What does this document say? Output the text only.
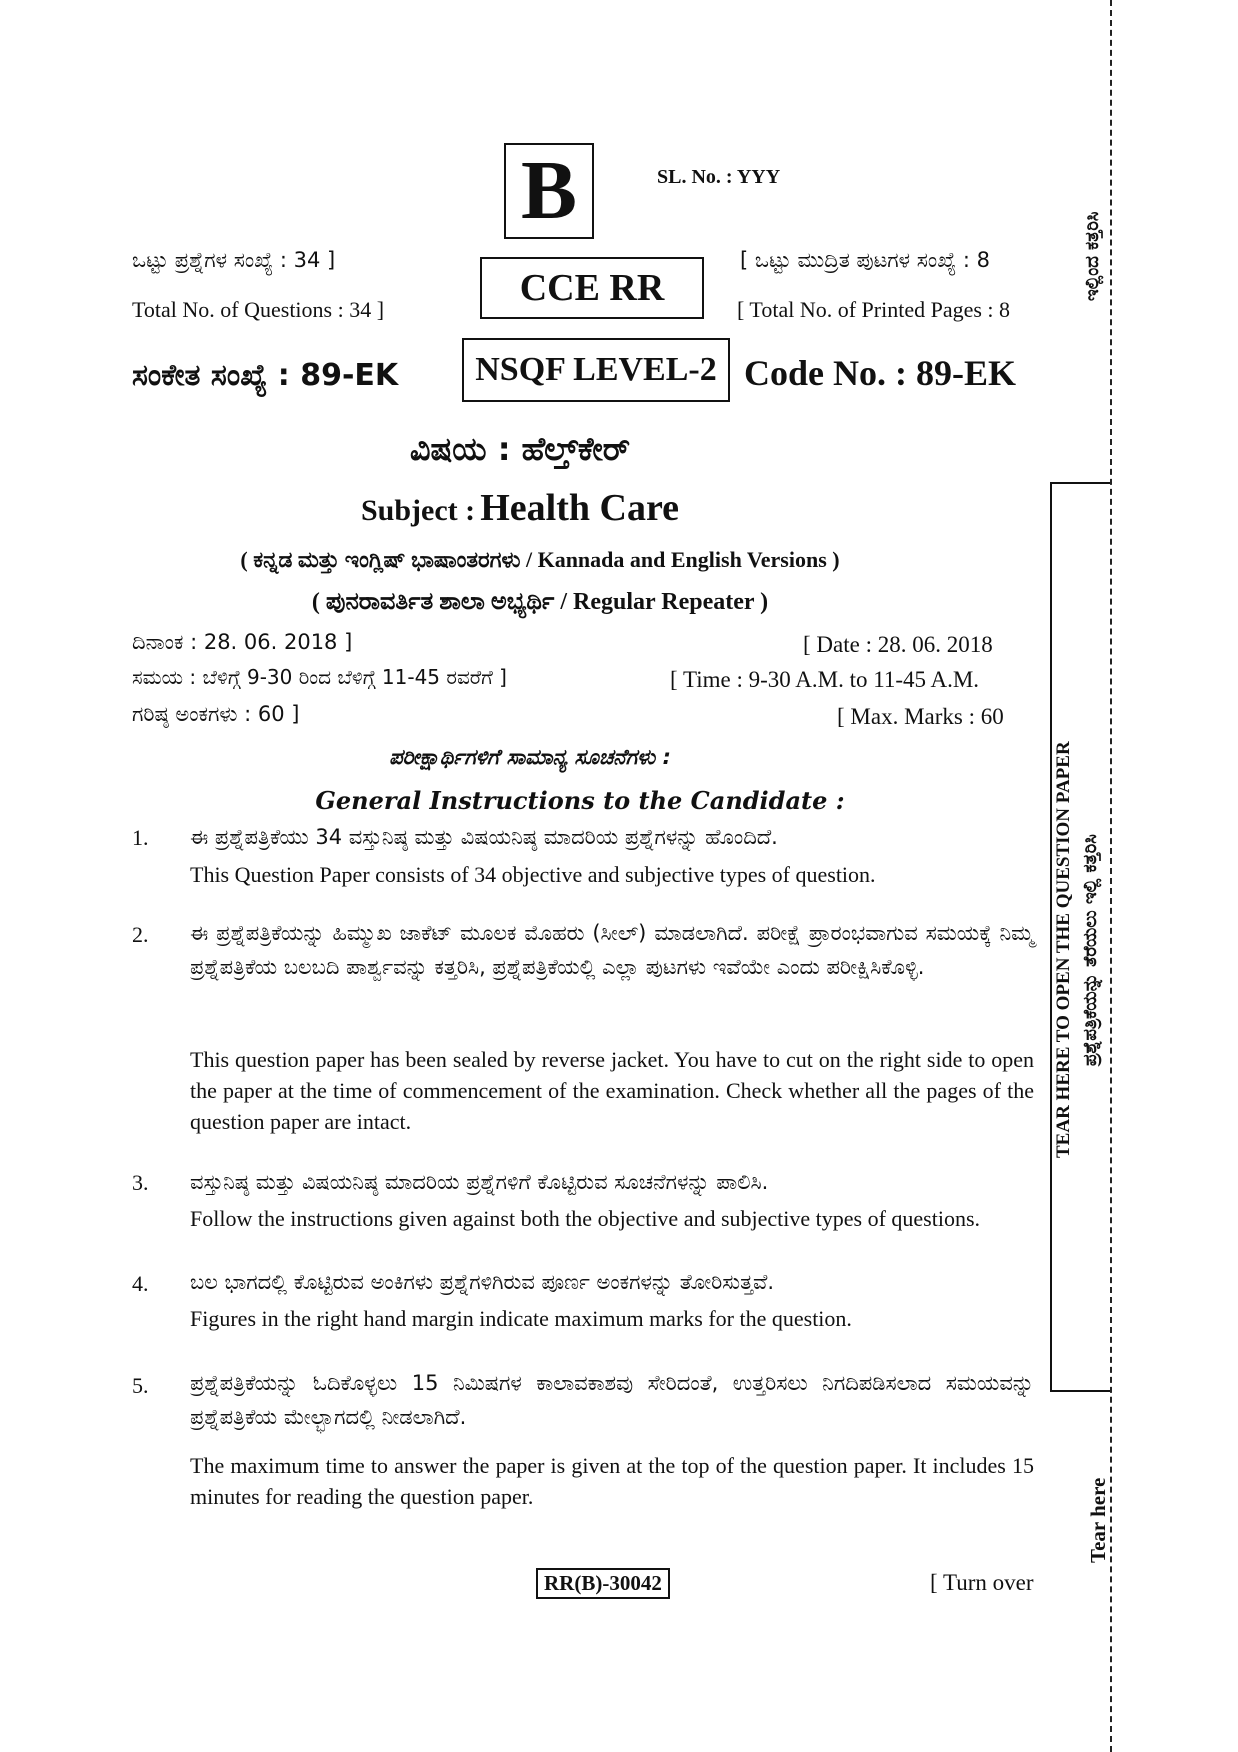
B	SL. No. : YYY
ಒಟ್ಟು ಪ್ರಶ್ನೆಗಳ ಸಂಖ್ಯೆ : 34 ]
Total No. of Questions : 34 ]
CCE RR
[ ಒಟ್ಟು ಮುದ್ರಿತ ಪುಟಗಳ ಸಂಖ್ಯೆ : 8
[ Total No. of Printed Pages : 8
ಸಂಕೇತ ಸಂಖ್ಯೆ : 89-EK	NSQF LEVEL-2 Code No. : 89-EK
ವಿಷಯ : ಹೆಲ್ತ್‌ಕೇರ್
Subject : Health Care
( ಕನ್ನಡ ಮತ್ತು ಇಂಗ್ಲಿಷ್ ಭಾಷಾಂತರಗಳು / Kannada and English Versions )
( ಪುನರಾವರ್ತಿತ ಶಾಲಾ ಅಭ್ಯರ್ಥಿ / Regular Repeater )
ದಿನಾಂಕ : 28. 06. 2018 ]	[ Date : 28. 06. 2018
ಸಮಯ : ಬೆಳಿಗ್ಗೆ 9-30 ರಿಂದ ಬೆಳಿಗ್ಗೆ 11-45 ರವರೆಗೆ ]	[ Time : 9-30 A.M. to 11-45 A.M.
ಗರಿಷ್ಠ ಅಂಕಗಳು : 60 ]	[ Max. Marks : 60
ಪರೀಕ್ಷಾರ್ಥಿಗಳಿಗೆ ಸಾಮಾನ್ಯ ಸೂಚನೆಗಳು :
General Instructions to the Candidate :
1. ಈ ಪ್ರಶ್ನೆಪತ್ರಿಕೆಯು 34 ವಸ್ತುನಿಷ್ಠ ಮತ್ತು ವಿಷಯನಿಷ್ಠ ಮಾದರಿಯ ಪ್ರಶ್ನೆಗಳನ್ನು ಹೊಂದಿದೆ.
This Question Paper consists of 34 objective and subjective types of question.
2. ಈ ಪ್ರಶ್ನೆಪತ್ರಿಕೆಯನ್ನು ಹಿಮ್ಮುಖ ಜಾಕೆಟ್ ಮೂಲಕ ಮೊಹರು (ಸೀಲ್) ಮಾಡಲಾಗಿದೆ. ಪರೀಕ್ಷೆ ಪ್ರಾರಂಭವಾಗುವ ಸಮಯಕ್ಕೆ ನಿಮ್ಮ ಪ್ರಶ್ನೆಪತ್ರಿಕೆಯ ಬಲಬದಿ ಪಾರ್ಶ್ವವನ್ನು ಕತ್ತರಿಸಿ, ಪ್ರಶ್ನೆಪತ್ರಿಕೆಯಲ್ಲಿ ಎಲ್ಲಾ ಪುಟಗಳು ಇವೆಯೇ ಎಂದು ಪರೀಕ್ಷಿಸಿಕೊಳ್ಳಿ.
This question paper has been sealed by reverse jacket. You have to cut on the right side to open the paper at the time of commencement of the examination. Check whether all the pages of the question paper are intact.
3. ವಸ್ತುನಿಷ್ಠ ಮತ್ತು ವಿಷಯನಿಷ್ಠ ಮಾದರಿಯ ಪ್ರಶ್ನೆಗಳಿಗೆ ಕೊಟ್ಟಿರುವ ಸೂಚನೆಗಳನ್ನು ಪಾಲಿಸಿ.
Follow the instructions given against both the objective and subjective types of questions.
4. ಬಲ ಭಾಗದಲ್ಲಿ ಕೊಟ್ಟಿರುವ ಅಂಕಿಗಳು ಪ್ರಶ್ನೆಗಳಿಗಿರುವ ಪೂರ್ಣ ಅಂಕಗಳನ್ನು ತೋರಿಸುತ್ತವೆ.
Figures in the right hand margin indicate maximum marks for the question.
5. ಪ್ರಶ್ನೆಪತ್ರಿಕೆಯನ್ನು ಓದಿಕೊಳ್ಳಲು 15 ನಿಮಿಷಗಳ ಕಾಲಾವಕಾಶವು ಸೇರಿದಂತೆ, ಉತ್ತರಿಸಲು ನಿಗದಿಪಡಿಸಲಾದ ಸಮಯವನ್ನು ಪ್ರಶ್ನೆಪತ್ರಿಕೆಯ ಮೇಲ್ಭಾಗದಲ್ಲಿ ನೀಡಲಾಗಿದೆ.
The maximum time to answer the paper is given at the top of the question paper. It includes 15 minutes for reading the question paper.
RR(B)-30042	[ Turn over
ಇಲ್ಲಿಂದ ಕತ್ತರಿಸಿ
TEAR HERE TO OPEN THE QUESTION PAPER ಪ್ರಶ್ನೆಪತ್ರಿಕೆಯನ್ನು ತೆರೆಯಲು ಇಲ್ಲಿ ಕತ್ತರಿಸಿ
Tear here
